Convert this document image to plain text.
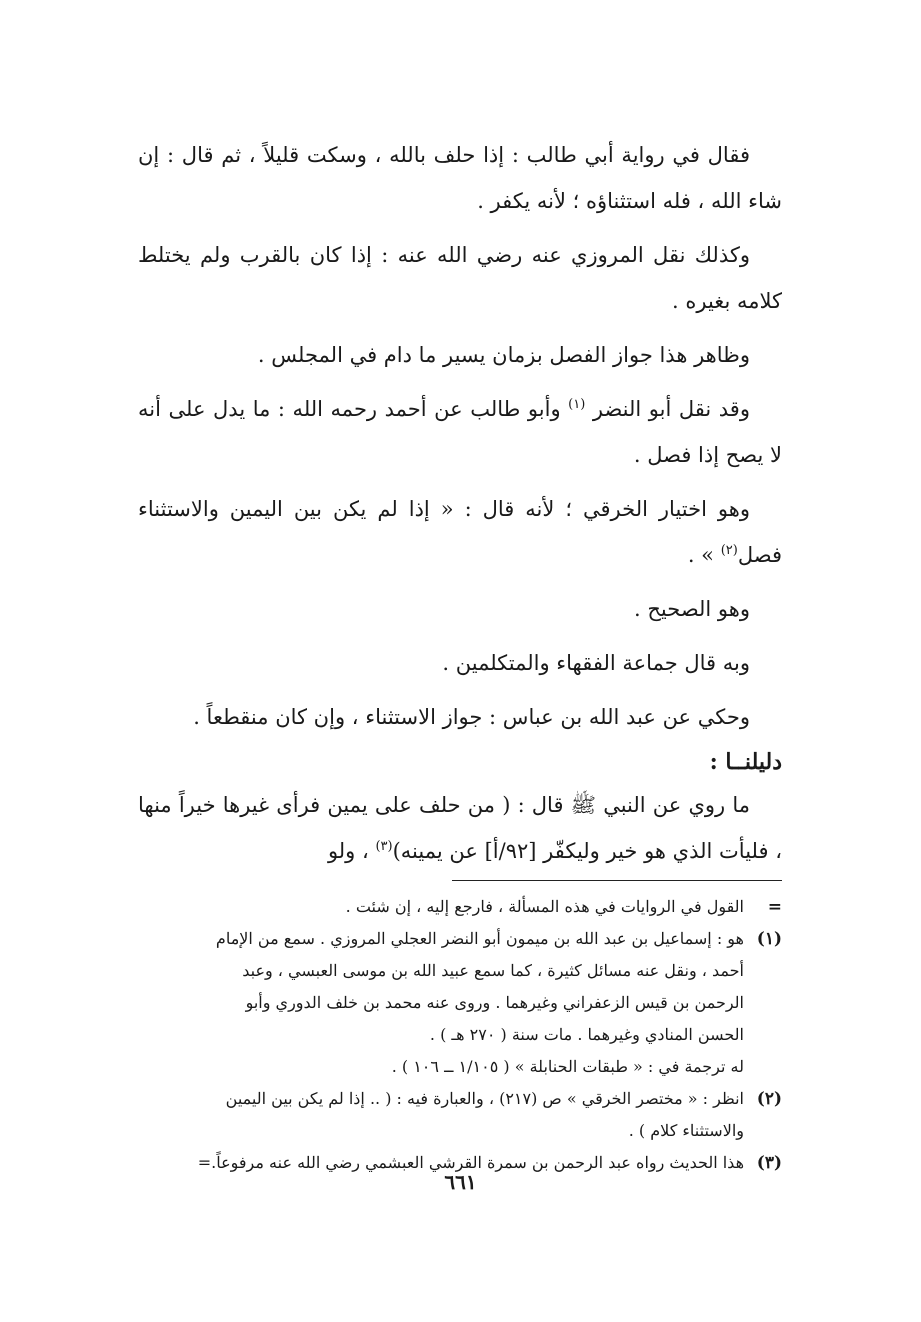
فقال في رواية أبي طالب : إذا حلف بالله ، وسكت قليلاً ، ثم قال : إن شاء الله ، فله استثناؤه ؛ لأنه يكفر .

وكذلك نقل المروزي عنه رضي الله عنه : إذا كان بالقرب ولم يختلط كلامه بغيره .

وظاهر هذا جواز الفصل بزمان يسير ما دام في المجلس .

وقد نقل أبو النضر $^{(١)}$ وأبو طالب عن أحمد رحمه الله : ما يدل على أنه لا يصح إذا فصل .

وهو اختيار الخرقي ؛ لأنه قال : « إذا لم يكن بين اليمين والاستثناء فصل$^{(٢)}$ » .

وهو الصحيح .

وبه قال جماعة الفقهاء والمتكلمين .

وحكي عن عبد الله بن عباس : جواز الاستثناء ، وإن كان منقطعاً .

دليلنــا :

ما روي عن النبي ﷺ قال : ( من حلف على يمين فرأى غيرها خيراً منها ، فليأت الذي هو خير وليكفّر [٩٢/أ] عن يمينه)$^{(٣)}$ ، ولو

=
القول في الروايات في هذه المسألة ، فارجع إليه ، إن شئت .
(١)
هو : إسماعيل بن عبد الله بن ميمون أبو النضر العجلي المروزي . سمع من الإمام
أحمد ، ونقل عنه مسائل كثيرة ، كما سمع عبيد الله بن موسى العبسي ، وعبد
الرحمن بن قيس الزعفراني وغيرهما . وروى عنه محمد بن خلف الدوري وأبو
الحسن المنادي وغيرهما . مات سنة ( ٢٧٠ هـ ) .
له ترجمة في : « طبقات الحنابلة » ( ١/١٠٥ ــ ١٠٦ ) .
(٢)
انظر : « مختصر الخرقي » ص (٢١٧) ، والعبارة فيه : ( .. إذا لم يكن بين اليمين
والاستثناء كلام ) .
(٣)
هذا الحديث رواه عبد الرحمن بن سمرة القرشي العبشمي رضي الله عنه مرفوعاً.=
٦٦١
